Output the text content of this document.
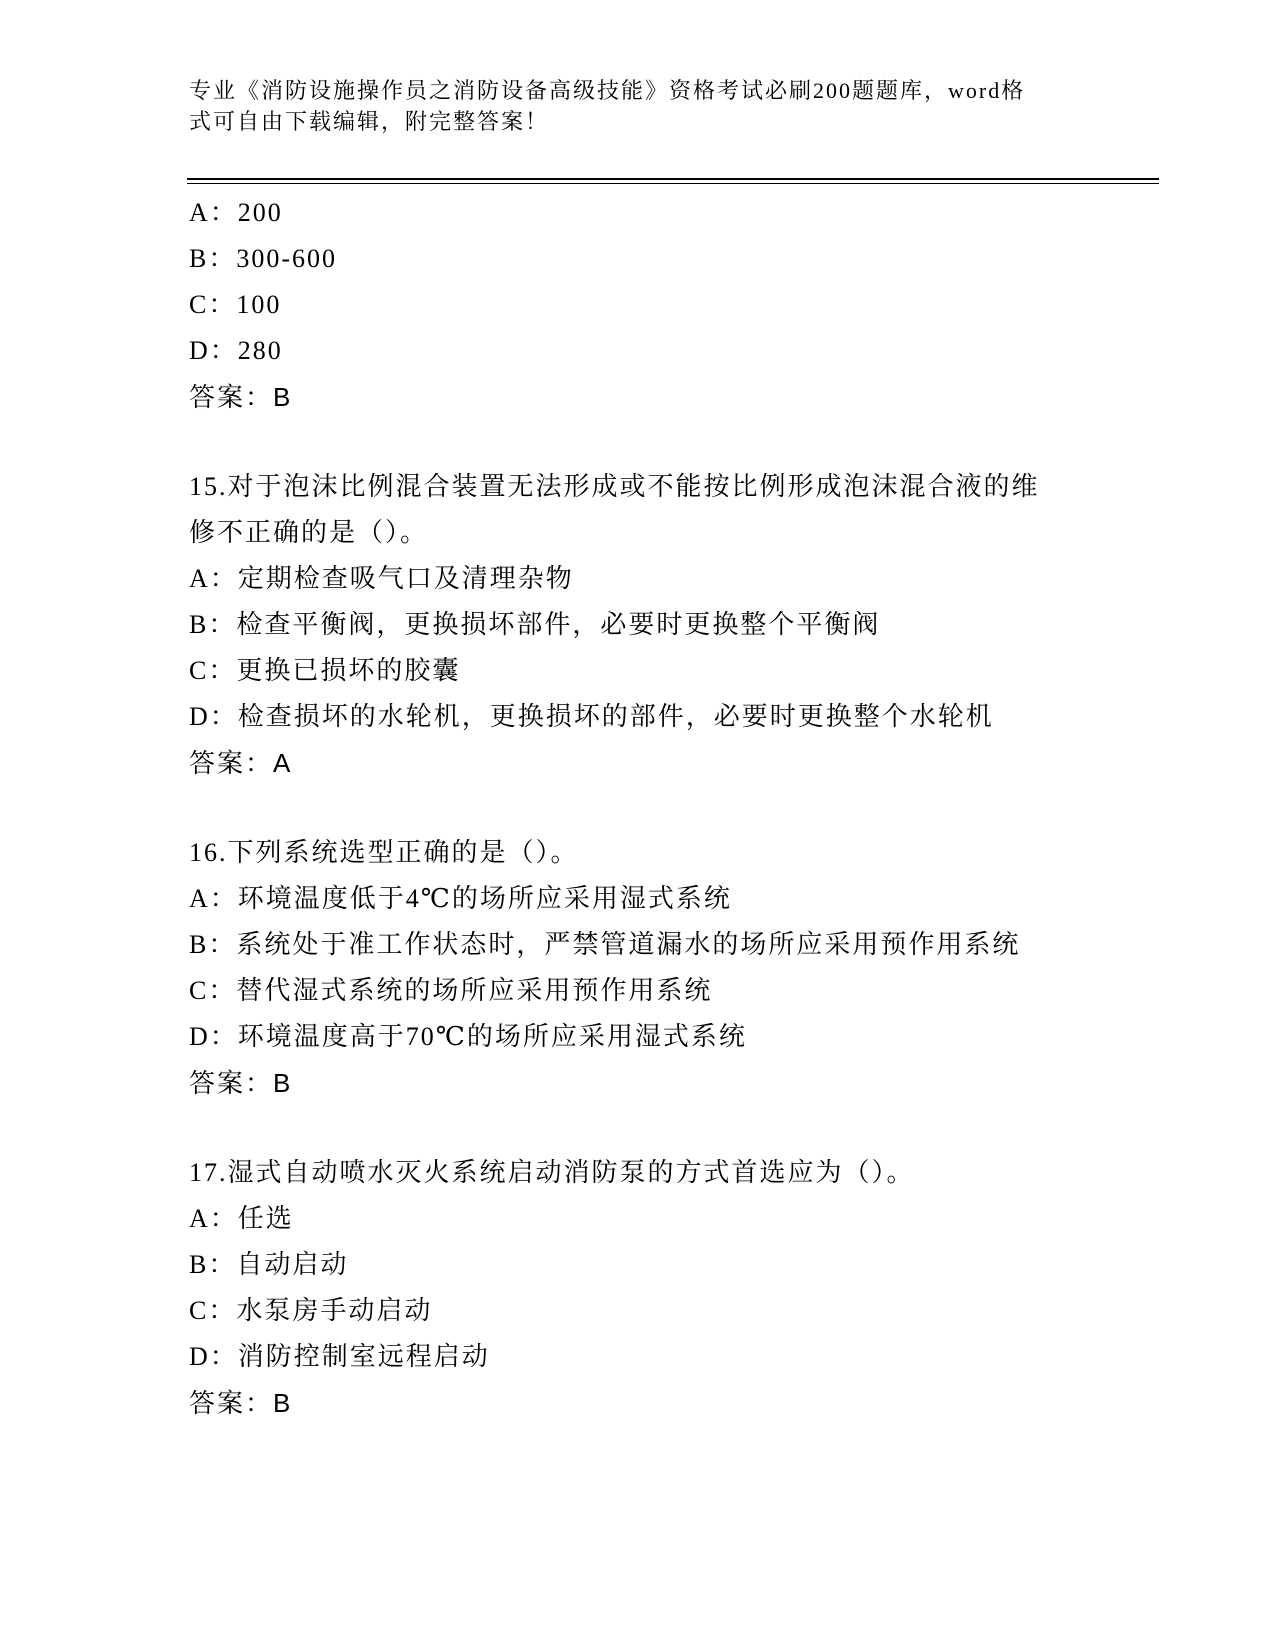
专业《消防设施操作员之消防设备高级技能》资格考试必刷200题题库，word格
式可自由下载编辑，附完整答案！
A：200
B：300-600
C：100
D：280
答案：B
15.对于泡沫比例混合装置无法形成或不能按比例形成泡沫混合液的维
修不正确的是（）。
A：定期检查吸气口及清理杂物
B：检查平衡阀，更换损坏部件，必要时更换整个平衡阀
C：更换已损坏的胶囊
D：检查损坏的水轮机，更换损坏的部件，必要时更换整个水轮机
答案：A
16.下列系统选型正确的是（）。
A：环境温度低于4℃的场所应采用湿式系统
B：系统处于准工作状态时，严禁管道漏水的场所应采用预作用系统
C：替代湿式系统的场所应采用预作用系统
D：环境温度高于70℃的场所应采用湿式系统
答案：B
17.湿式自动喷水灭火系统启动消防泵的方式首选应为（）。
A：任选
B：自动启动
C：水泵房手动启动
D：消防控制室远程启动
答案：B
